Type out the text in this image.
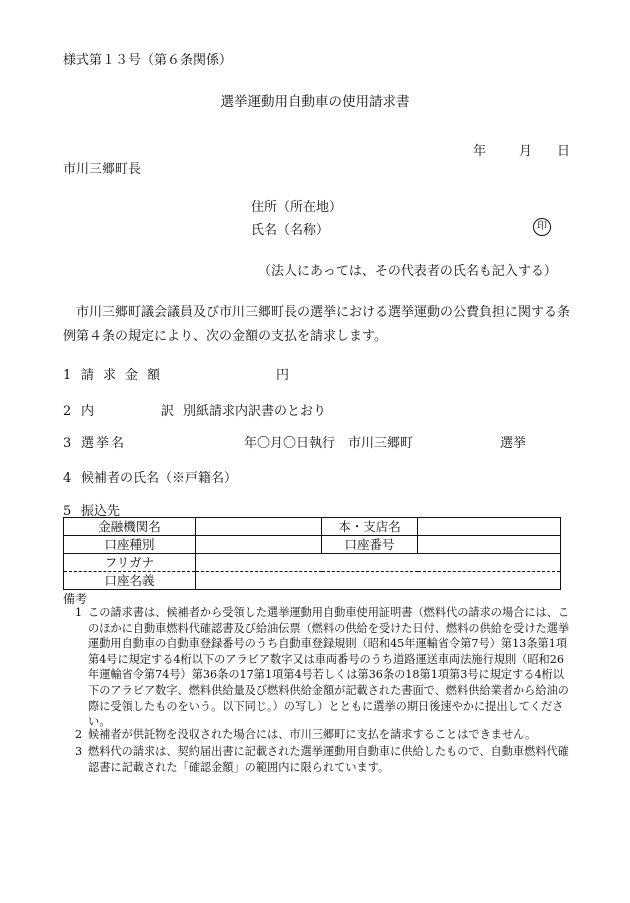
様式第１３号（第６条関係）
選挙運動用自動車の使用請求書
年	月 日
市川三郷町長
住所（所在地）
氏名（名称）	印
（法人にあっては、その代表者の氏名も記入する）
　市川三郷町議会議員及び市川三郷町長の選挙における選挙運動の公費負担に関する条例第４条の規定により、次の金額の支払を請求します。
1 請求金額	円
2 内	訳 別紙請求内訳書のとおり
3 選挙名	年〇月〇日執行　 市川三郷町	選挙
4 候補者の氏名（※戸籍名）
5 振込先
金融機関名		本・支店名	
口座種別		口座番号	
フリガナ			
口座名義			
備考
1 この請求書は、候補者から受領した選挙運動用自動車使用証明書（燃料代の請求の場合には、このほかに自動車燃料代確認書及び給油伝票（燃料の供給を受けた日付、燃料の供給を受けた選挙運動用自動車の自動車登録番号のうち自動車登録規則（昭和45年運輸省令第7号）第13条第1項第4号に規定する4桁以下のアラビア数字又は車両番号のうち道路運送車両法施行規則（昭和26年運輸省令第74号）第36条の17第1項第4号若しくは第36条の18第1項第3号に規定する4桁以下のアラビア数字、燃料供給量及び燃料供給金額が記載された書面で、燃料供給業者から給油の際に受領したものをいう。以下同じ。）の写し）とともに選挙の期日後速やかに提出してください。
2 候補者が供託物を没収された場合には、市川三郷町に支払を請求することはできません。
3 燃料代の請求は、契約届出書に記載された選挙運動用自動車に供給したもので、自動車燃料代確認書に記載された「確認金額」の範囲内に限られています。
